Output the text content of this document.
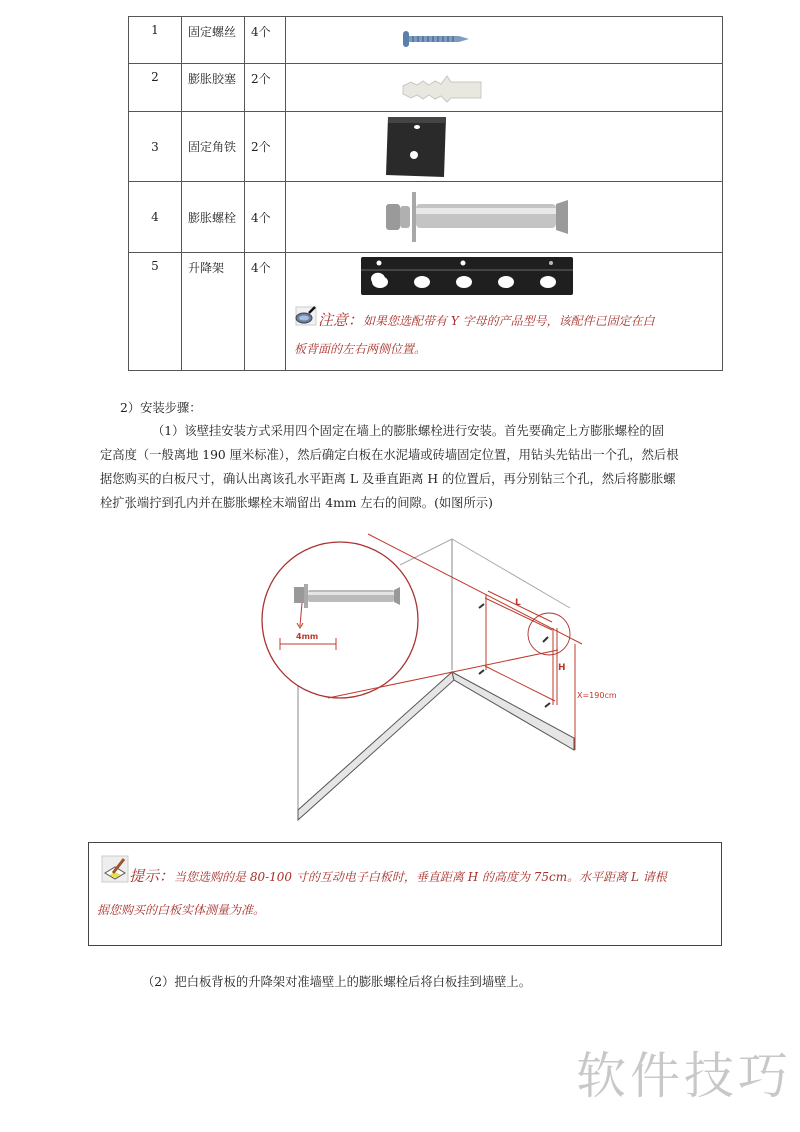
1	固定螺丝	4个	

2	膨胀胶塞	2个	

3	固定角铁	2个	

4	膨胀螺栓	4个	

5	升降架	4个	注意：如果您选配带有 Y 字母的产品型号，该配件已固定在白
板背面的左右两侧位置。
2）安装步骤：
（1）该壁挂安装方式采用四个固定在墙上的膨胀螺栓进行安装。首先要确定上方膨胀螺栓的固
定高度（一般离地 190 厘米标准），然后确定白板在水泥墙或砖墙固定位置，用钻头先钻出一个孔，然后根
据您购买的白板尺寸，确认出离该孔水平距离 L 及垂直距离 H 的位置后，再分别钻三个孔，然后将膨胀螺
栓扩张端拧到孔内并在膨胀螺栓末端留出 4mm 左右的间隙。(如图所示)
4mm
L
H
X=190cm
提示：当您选购的是 80-100 寸的互动电子白板时，垂直距离 H 的高度为 75cm。水平距离 L 请根
据您购买的白板实体测量为准。
（2）把白板背板的升降架对准墙壁上的膨胀螺栓后将白板挂到墙壁上。
软件技巧
